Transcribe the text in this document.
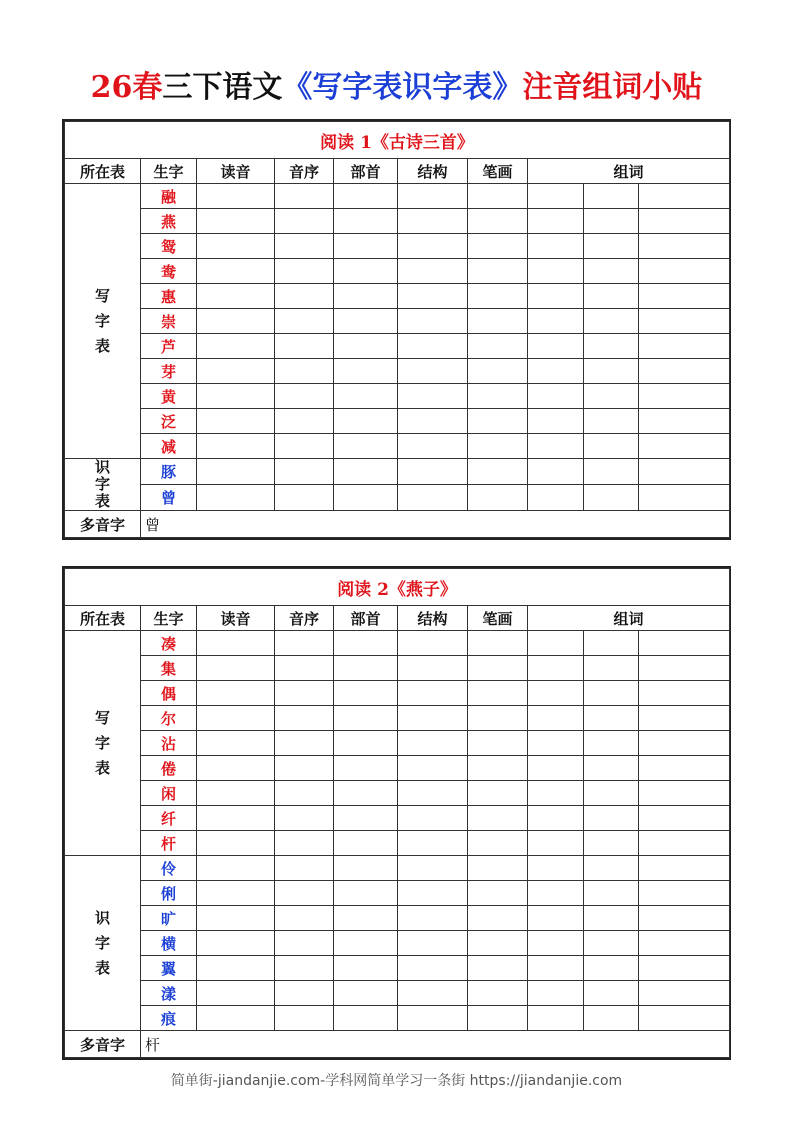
26春三下语文《写字表识字表》注音组词小贴
阅读 1《古诗三首》									
所在表	生字	读音	音序	部首	结构	笔画	组词		
写
字
表	融								
	燕								
	鸳								
	鸯								
	惠								
	崇								
	芦								
	芽								
	黄								
	泛								
	减								
识
字
表	豚								
	曾								
多音字	曾								
阅读 2《燕子》									
所在表	生字	读音	音序	部首	结构	笔画	组词		
写
字
表	凑								
	集								
	偶								
	尔								
	沾								
	倦								
	闲								
	纤								
	杆								
识
字
表	伶								
	俐								
	旷								
	横								
	翼								
	漾								
	痕								
多音字	杆								
简单街-jiandanjie.com-学科网简单学习一条街 https://jiandanjie.com
